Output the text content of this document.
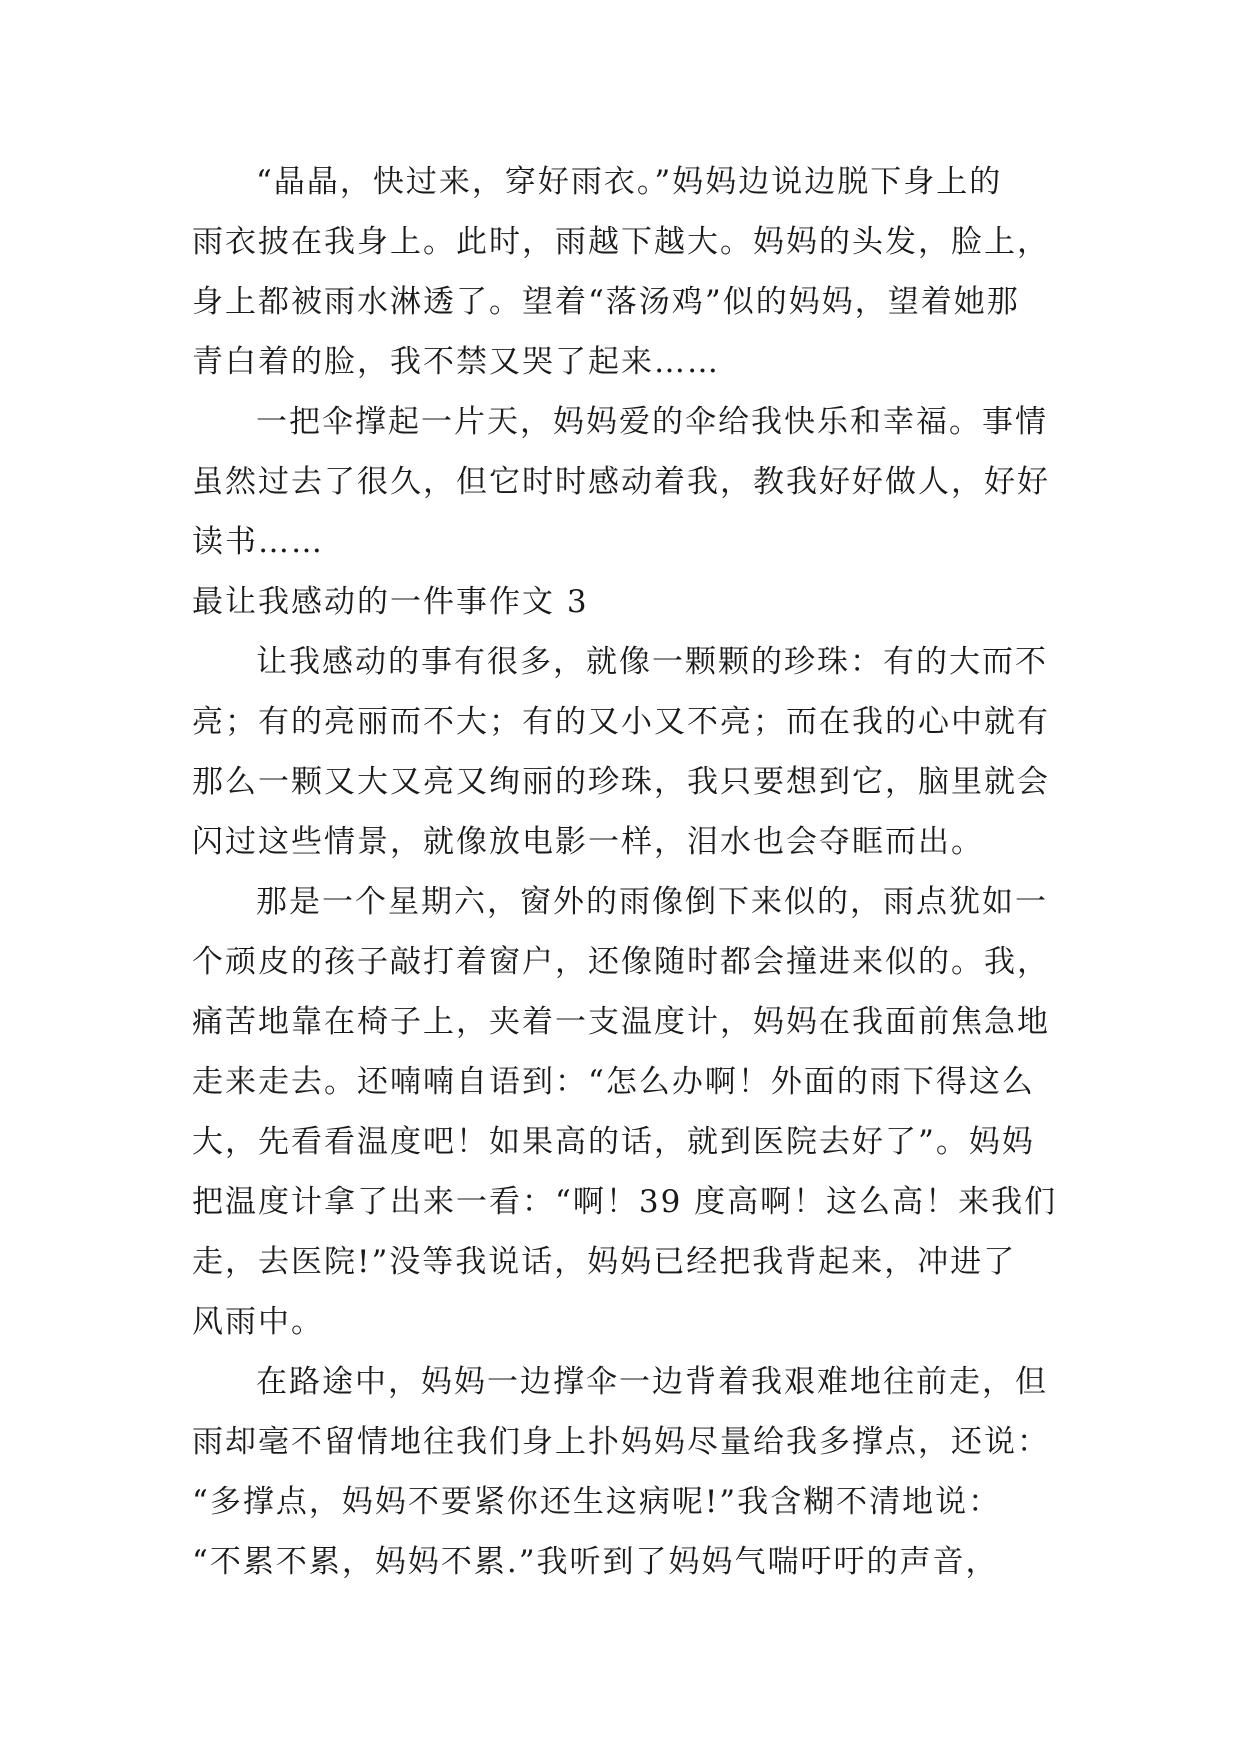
“晶晶，快过来，穿好雨衣。”妈妈边说边脱下身上的
雨衣披在我身上。此时，雨越下越大。妈妈的头发，脸上，
身上都被雨水淋透了。望着“落汤鸡”似的妈妈，望着她那
青白着的脸，我不禁又哭了起来……
一把伞撑起一片天，妈妈爱的伞给我快乐和幸福。事情
虽然过去了很久，但它时时感动着我，教我好好做人，好好
读书……
最让我感动的一件事作文 3
让我感动的事有很多，就像一颗颗的珍珠：有的大而不
亮；有的亮丽而不大；有的又小又不亮；而在我的心中就有
那么一颗又大又亮又绚丽的珍珠，我只要想到它，脑里就会
闪过这些情景，就像放电影一样，泪水也会夺眶而出。
那是一个星期六，窗外的雨像倒下来似的，雨点犹如一
个顽皮的孩子敲打着窗户，还像随时都会撞进来似的。我，
痛苦地靠在椅子上，夹着一支温度计，妈妈在我面前焦急地
走来走去。还喃喃自语到：“怎么办啊！外面的雨下得这么
大，先看看温度吧！如果高的话，就到医院去好了”。妈妈
把温度计拿了出来一看：“啊！39 度高啊！这么高！来我们
走，去医院!”没等我说话，妈妈已经把我背起来，冲进了
风雨中。
在路途中，妈妈一边撑伞一边背着我艰难地往前走，但
雨却毫不留情地往我们身上扑妈妈尽量给我多撑点，还说：
“多撑点，妈妈不要紧你还生这病呢!”我含糊不清地说：
“不累不累，妈妈不累.”我听到了妈妈气喘吁吁的声音，
